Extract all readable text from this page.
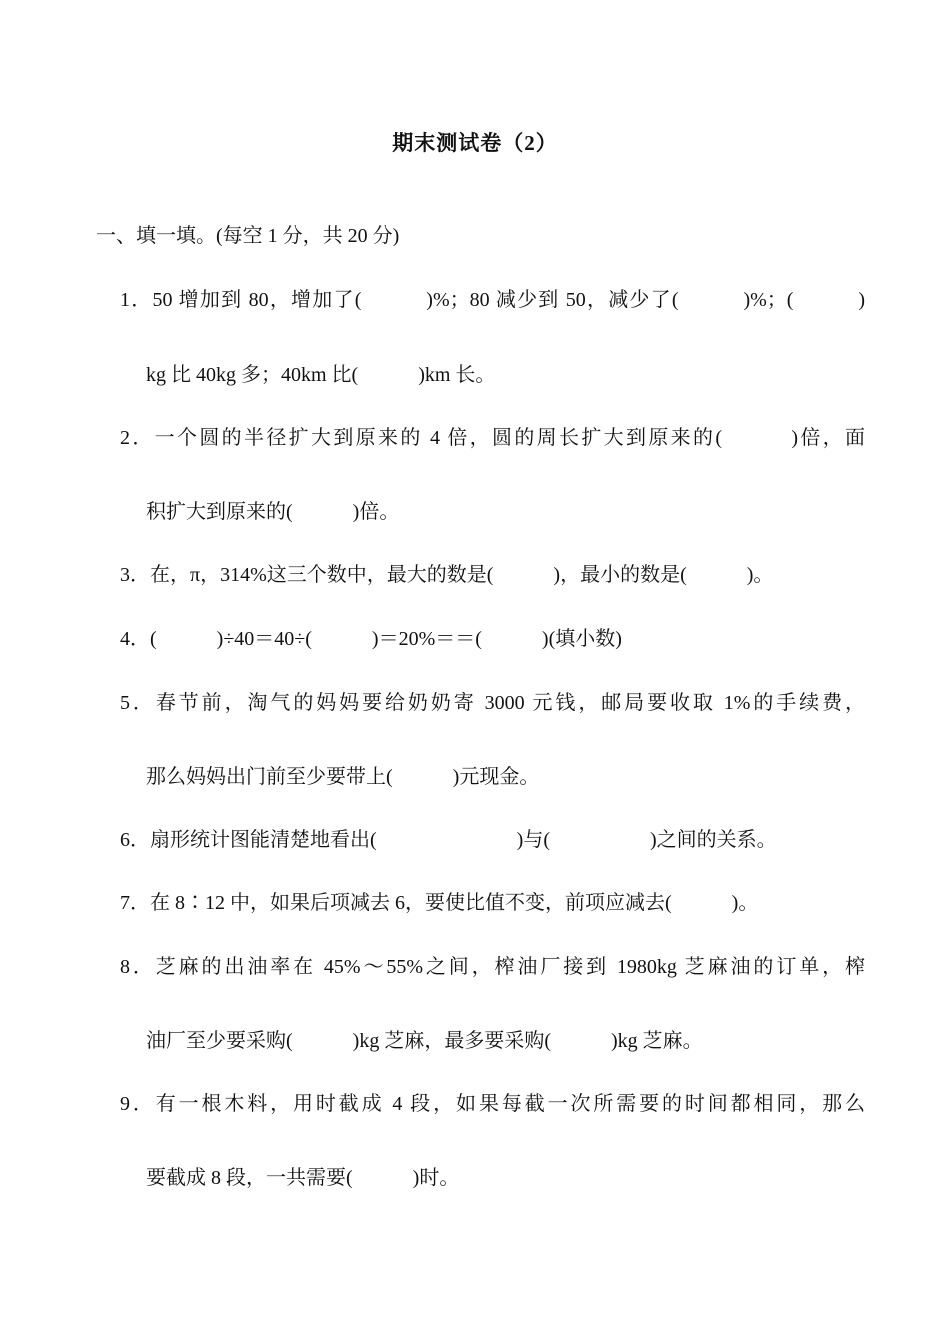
期末测试卷（2）
一、填一填。(每空 1 分，共 20 分)
1．50 增加到 80，增加了(　　　)%；80 减少到 50，减少了(　　　)%；(　　　)
kg 比 40kg 多；40km 比(　　　)km 长。
2．一个圆的半径扩大到原来的 4 倍，圆的周长扩大到原来的(　　　)倍，面
积扩大到原来的(　　　)倍。
3．在，π，314%这三个数中，最大的数是(　　　)，最小的数是(　　　)。
4．(　　　)÷40＝40÷(　　　)＝20%＝＝(　　　)(填小数)
5．春节前，淘气的妈妈要给奶奶寄 3000 元钱，邮局要收取 1%的手续费，
那么妈妈出门前至少要带上(　　　)元现金。
6．扇形统计图能清楚地看出(　　　　　　　)与(　　　　　)之间的关系。
7．在 8∶12 中，如果后项减去 6，要使比值不变，前项应减去(　　　)。
8．芝麻的出油率在 45%～55%之间，榨油厂接到 1980kg 芝麻油的订单，榨
油厂至少要采购(　　　)kg 芝麻，最多要采购(　　　)kg 芝麻。
9．有一根木料，用时截成 4 段，如果每截一次所需要的时间都相同，那么
要截成 8 段，一共需要(　　　)时。
